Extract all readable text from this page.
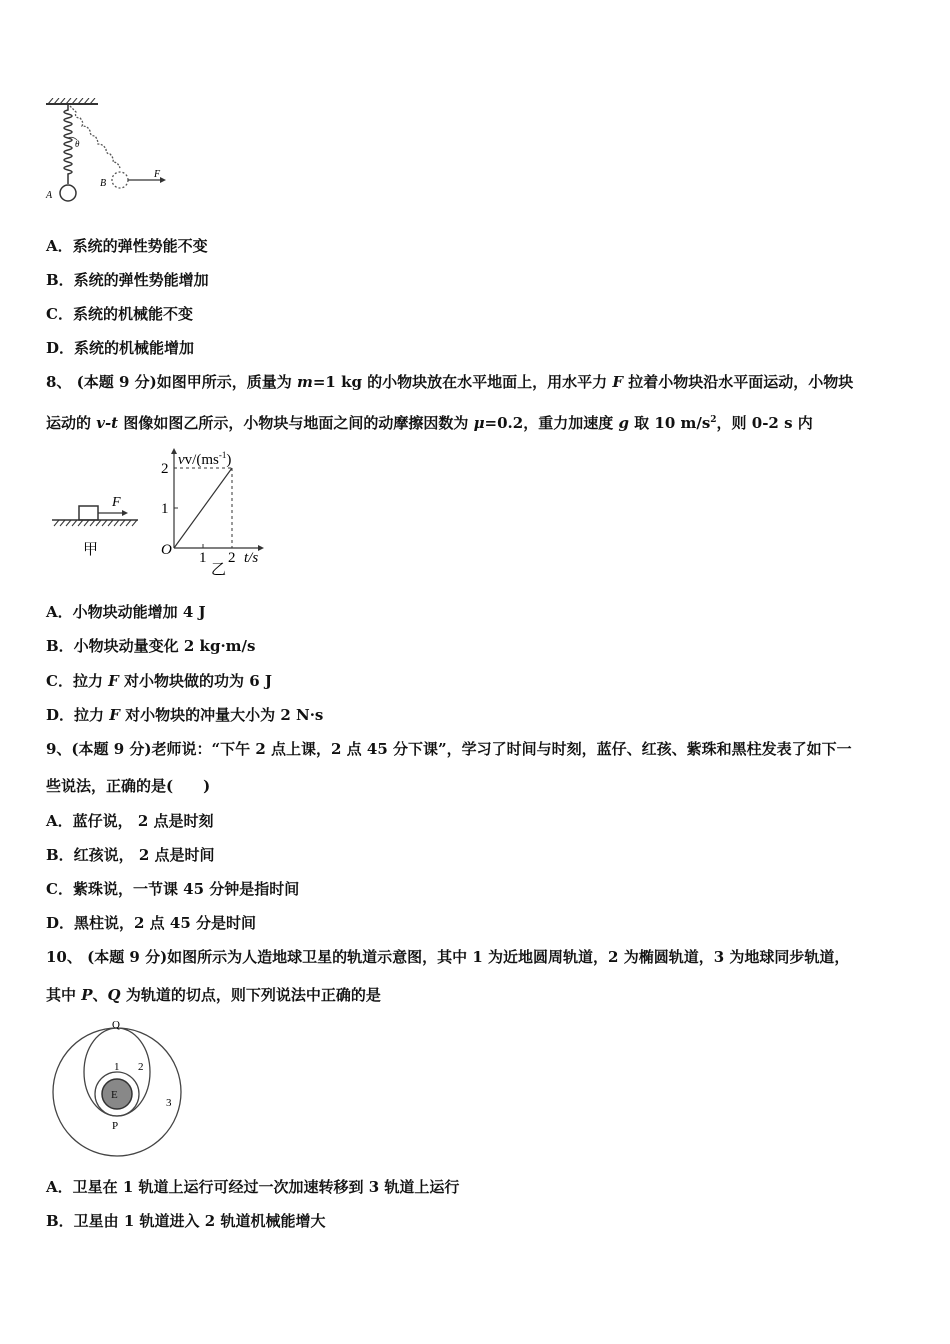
θ
A
B
F
A．系统的弹性势能不变
B．系统的弹性势能增加
C．系统的机械能不变
D．系统的机械能增加
8、 (本题 9 分)如图甲所示，质量为 m=1 kg 的小物块放在水平地面上，用水平力 F 拉着小物块沿水平面运动，小物块
运动的 v-t 图像如图乙所示，小物块与地面之间的动摩擦因数为 μ=0.2，重力加速度 g 取 10 $m/s^2$，则 0-2 s 内
F
甲
$vv/(ms^{-1})$
2
1
O 1 2 t/s
乙
A．小物块动能增加 4 J
B．小物块动量变化 2 kg·m/s
C．拉力 F 对小物块做的功为 6 J
D．拉力 F 对小物块的冲量大小为 2 N·s
9、(本题 9 分)老师说：“下午 2 点上课，2 点 45 分下课”，学习了时间与时刻，蓝仔、红孩、紫珠和黑柱发表了如下一
些说法，正确的是(　　)
A．蓝仔说， 2 点是时刻
B．红孩说， 2 点是时间
C．紫珠说，一节课 45 分钟是指时间
D．黑柱说，2 点 45 分是时间
10、 (本题 9 分)如图所示为人造地球卫星的轨道示意图，其中 1 为近地圆周轨道，2 为椭圆轨道，3 为地球同步轨道，
其中 P、Q 为轨道的切点，则下列说法中正确的是
E
Q
P
1 2
3
A．卫星在 1 轨道上运行可经过一次加速转移到 3 轨道上运行
B．卫星由 1 轨道进入 2 轨道机械能增大
